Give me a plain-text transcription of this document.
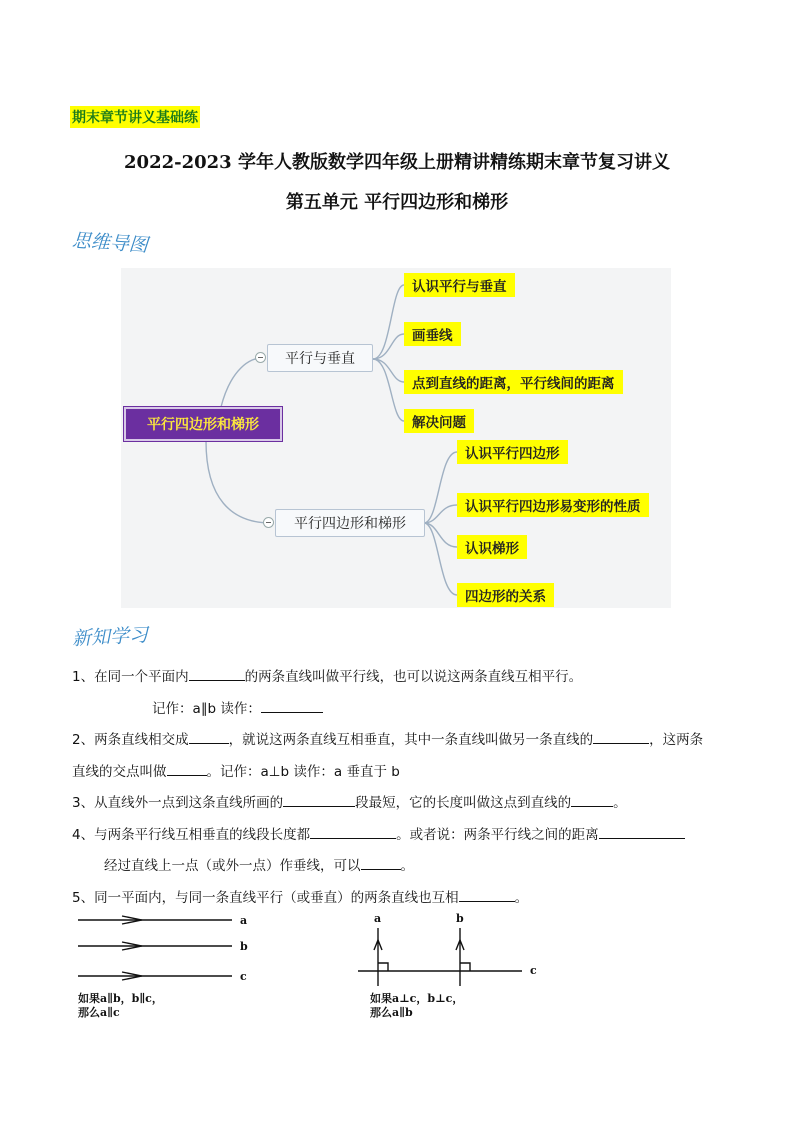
期末章节讲义基础练
2022-2023 学年人教版数学四年级上册精讲精练期末章节复习讲义
第五单元 平行四边形和梯形
思维导图
平行四边形和梯形
平行与垂直
平行四边形和梯形
认识平行与垂直
画垂线
点到直线的距离，平行线间的距离
解决问题
认识平行四边形
认识平行四边形易变形的性质
认识梯形
四边形的关系
新知学习
1、在同一个平面内	的两条直线叫做平行线，也可以说这两条直线互相平行。
记作：a∥b 读作：
2、两条直线相交成	，就说这两条直线互相垂直，其中一条直线叫做另一条直线的	，这两条
直线的交点叫做	。记作：a⊥b 读作：a 垂直于 b
3、从直线外一点到这条直线所画的	段最短，它的长度叫做这点到直线的	。
4、与两条平行线互相垂直的线段长度都	。或者说：两条平行线之间的距离
经过直线上一点（或外一点）作垂线，可以	。
5、同一平面内，与同一条直线平行（或垂直）的两条直线也互相	。
a
b
c
如果a∥b，b∥c，
那么a∥c
a	b
c
如果a⊥c，b⊥c，
那么a∥b
